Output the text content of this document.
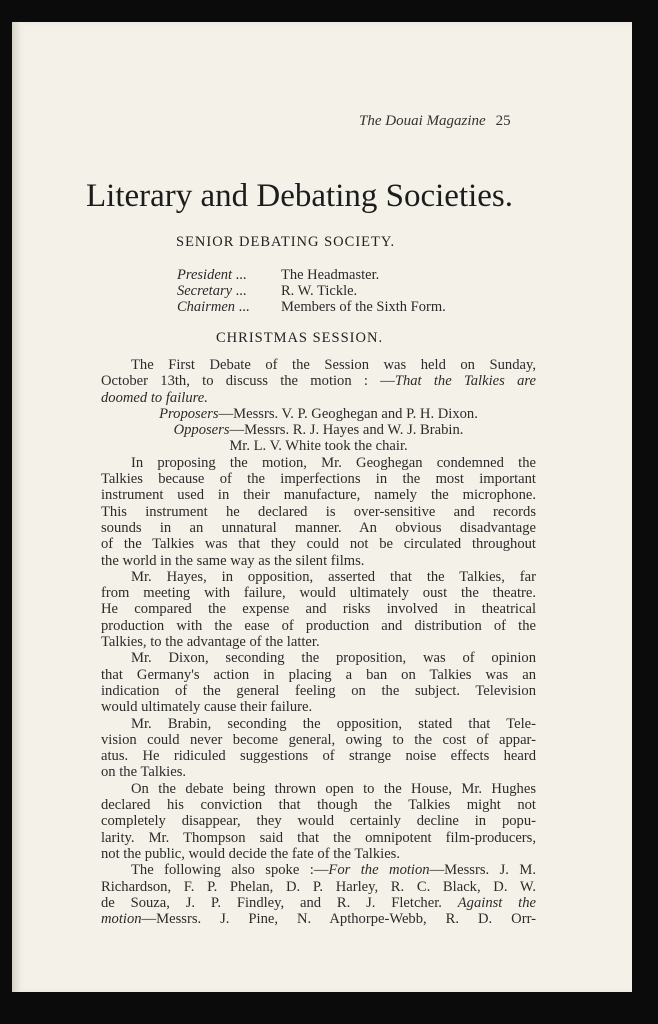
The Douai Magazine 25
Literary and Debating Societies.
SENIOR DEBATING SOCIETY.
President ... The Headmaster.
Secretary ... R. W. Tickle.
Chairmen ... Members of the Sixth Form.
CHRISTMAS SESSION.
The First Debate of the Session was held on Sunday,
October 13th, to discuss the motion : —That the Talkies are
doomed to failure.
Proposers—Messrs. V. P. Geoghegan and P. H. Dixon.
Opposers—Messrs. R. J. Hayes and W. J. Brabin.
Mr. L. V. White took the chair.
In proposing the motion, Mr. Geoghegan condemned the
Talkies because of the imperfections in the most important
instrument used in their manufacture, namely the microphone.
This instrument he declared is over-sensitive and records
sounds in an unnatural manner. An obvious disadvantage
of the Talkies was that they could not be circulated throughout
the world in the same way as the silent films.
Mr. Hayes, in opposition, asserted that the Talkies, far
from meeting with failure, would ultimately oust the theatre.
He compared the expense and risks involved in theatrical
production with the ease of production and distribution of the
Talkies, to the advantage of the latter.
Mr. Dixon, seconding the proposition, was of opinion
that Germany's action in placing a ban on Talkies was an
indication of the general feeling on the subject. Television
would ultimately cause their failure.
Mr. Brabin, seconding the opposition, stated that Tele-
vision could never become general, owing to the cost of appar-
atus. He ridiculed suggestions of strange noise effects heard
on the Talkies.
On the debate being thrown open to the House, Mr. Hughes
declared his conviction that though the Talkies might not
completely disappear, they would certainly decline in popu-
larity. Mr. Thompson said that the omnipotent film-producers,
not the public, would decide the fate of the Talkies.
The following also spoke :—For the motion—Messrs. J. M.
Richardson, F. P. Phelan, D. P. Harley, R. C. Black, D. W.
de Souza, J. P. Findley, and R. J. Fletcher. Against the
motion—Messrs. J. Pine, N. Apthorpe-Webb, R. D. Orr-
